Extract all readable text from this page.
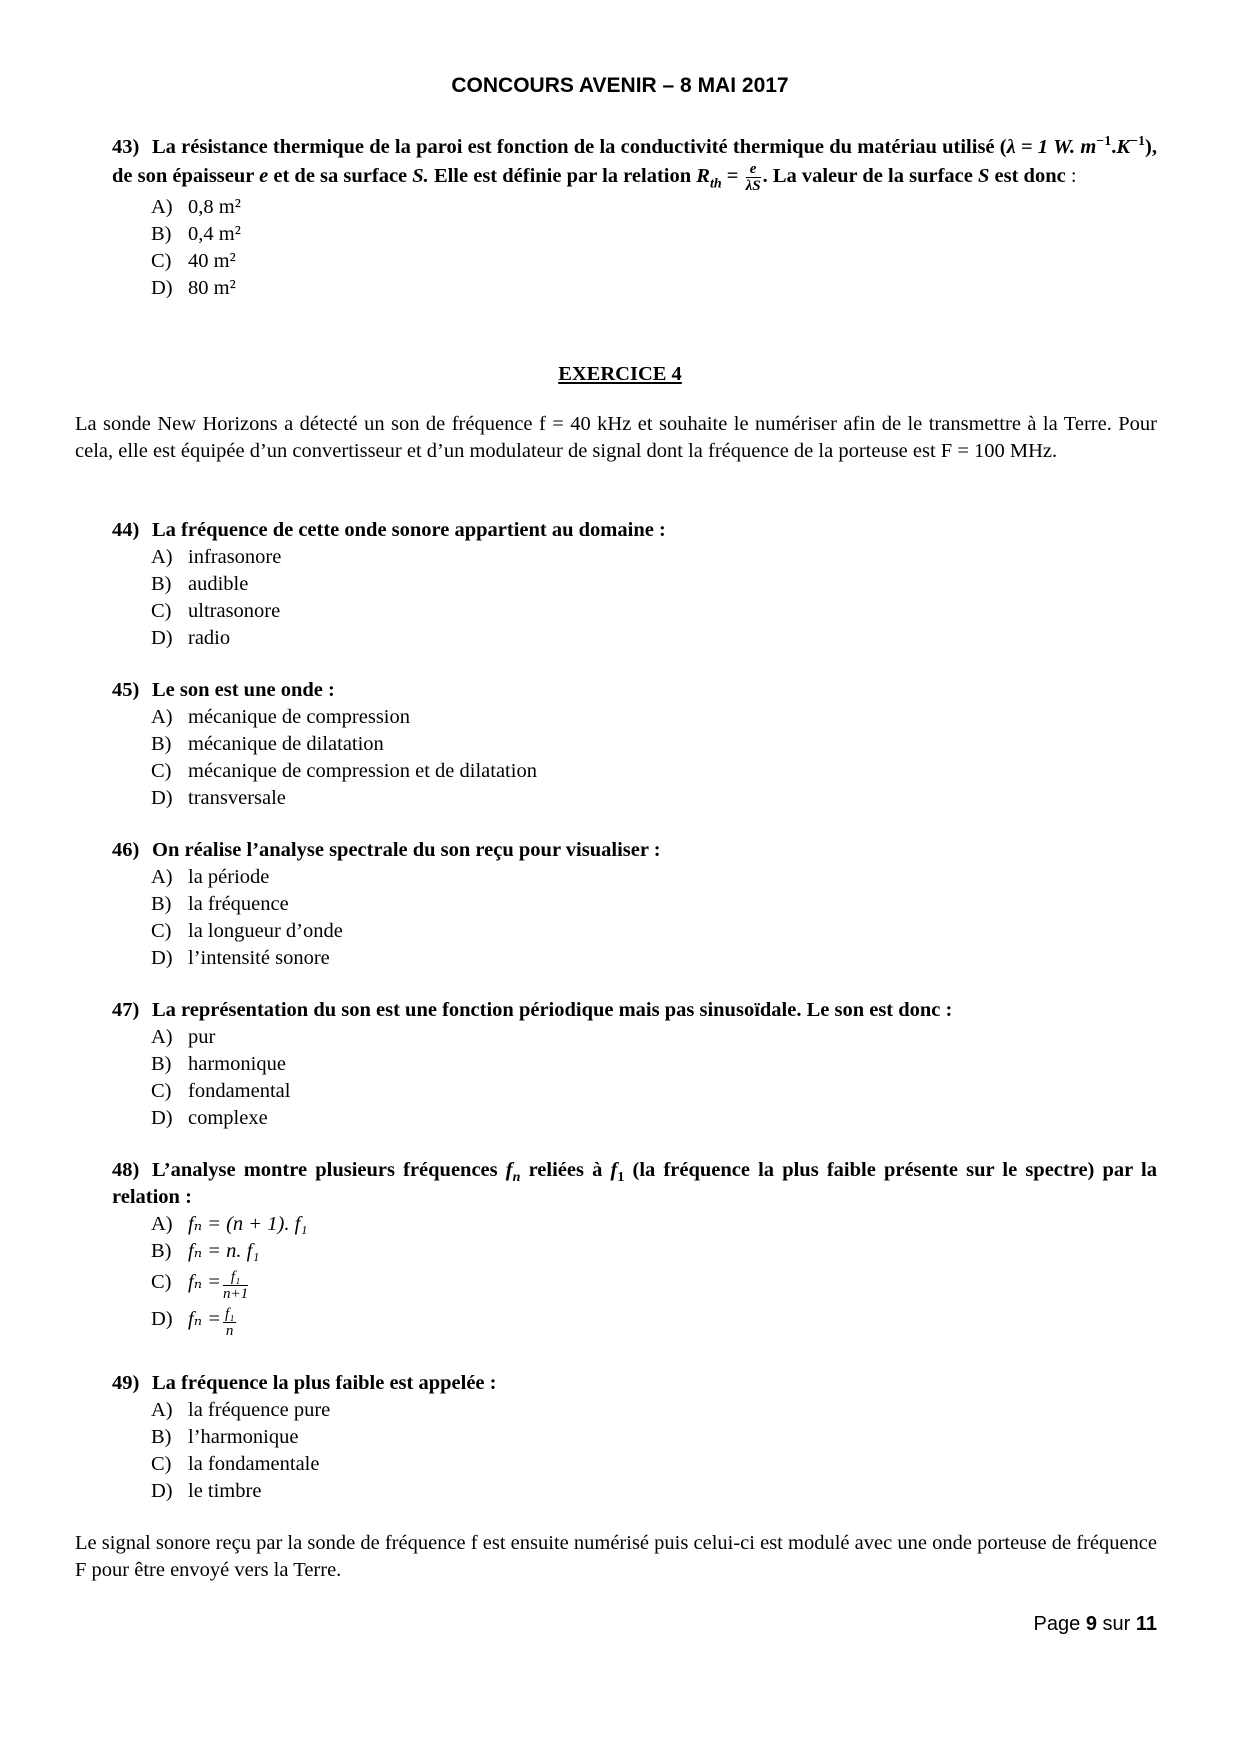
CONCOURS AVENIR – 8 MAI 2017
43) La résistance thermique de la paroi est fonction de la conductivité thermique du matériau utilisé (λ = 1 W. $m^{-1}.K^{-1}$), de son épaisseur e et de sa surface S. Elle est définie par la relation $R_{th} = \frac{e}{\lambda S}$ . La valeur de la surface S est donc :
A) 0,8 m²
B) 0,4 m²
C) 40 m²
D) 80 m²
EXERCICE 4
La sonde New Horizons a détecté un son de fréquence f = 40 kHz et souhaite le numériser afin de le transmettre à la Terre. Pour cela, elle est équipée d’un convertisseur et d’un modulateur de signal dont la fréquence de la porteuse est F = 100 MHz.
44) La fréquence de cette onde sonore appartient au domaine :
A) infrasonore
B) audible
C) ultrasonore
D) radio
45) Le son est une onde :
A) mécanique de compression
B) mécanique de dilatation
C) mécanique de compression et de dilatation
D) transversale
46) On réalise l’analyse spectrale du son reçu pour visualiser :
A) la période
B) la fréquence
C) la longueur d’onde
D) l’intensité sonore
47) La représentation du son est une fonction périodique mais pas sinusoïdale. Le son est donc :
A) pur
B) harmonique
C) fondamental
D) complexe
48) L’analyse montre plusieurs fréquences $f_n$ reliées à $f_1$ (la fréquence la plus faible présente sur le spectre) par la relation :
A) fₙ = (n + 1). f₁
B) fₙ = n. f₁
C) $f_n = \frac{\text{f₁}}{n+1}$
D) $f_n = \frac{\text{f₁}}{n}$
49) La fréquence la plus faible est appelée :
A) la fréquence pure
B) l’harmonique
C) la fondamentale
D) le timbre
Le signal sonore reçu par la sonde de fréquence f est ensuite numérisé puis celui-ci est modulé avec une onde porteuse de fréquence F pour être envoyé vers la Terre.
Page 9 sur 11
